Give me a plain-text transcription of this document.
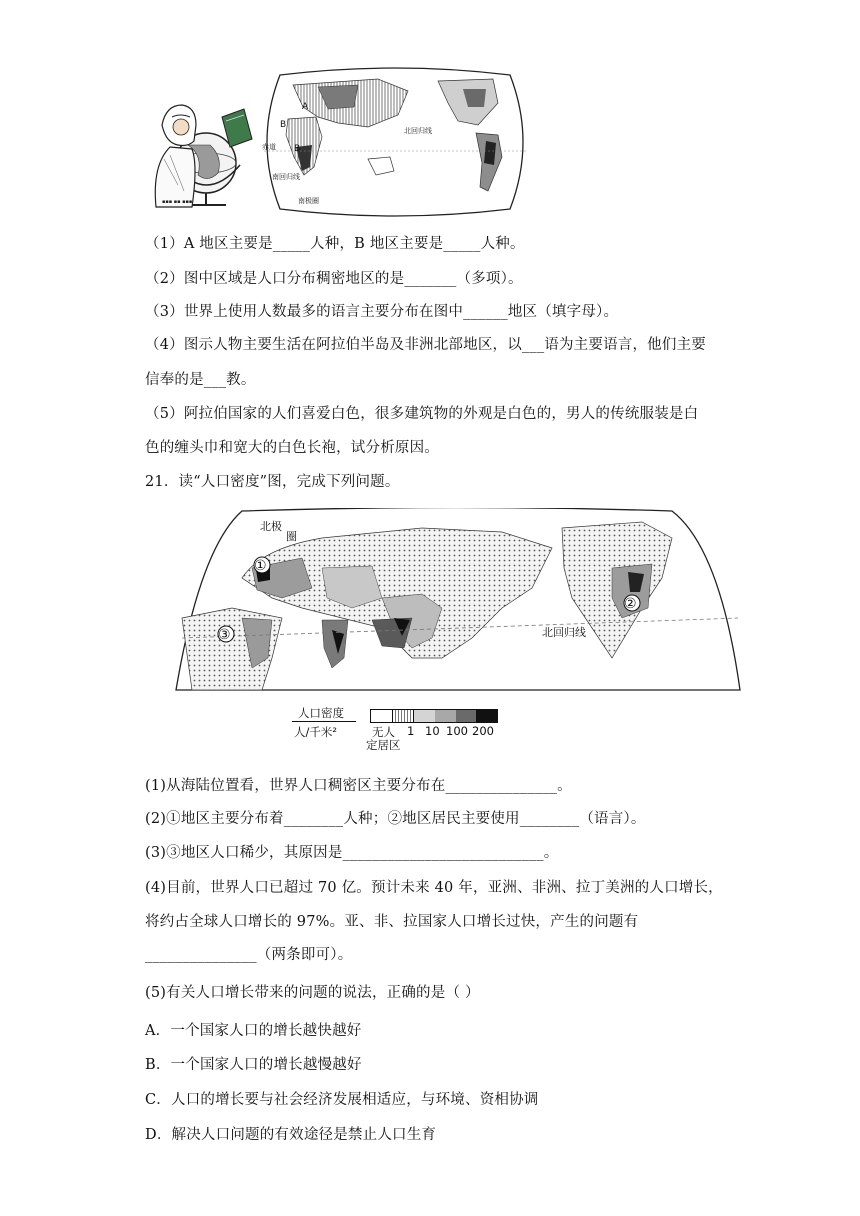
▪▪▪ ▪▪ ▪▪▪
南回归线
赤道
北回归线
南极圈
A
B
B
（1）A 地区主要是_____人种，B 地区主要是_____人种。
（2）图中区域是人口分布稠密地区的是_______（多项）。
（3）世界上使用人数最多的语言主要分布在图中______地区（填字母）。
（4）图示人物主要生活在阿拉伯半岛及非洲北部地区，以___语为主要语言，他们主要
信奉的是___教。
（5）阿拉伯国家的人们喜爱白色，很多建筑物的外观是白色的，男人的传统服装是白
色的缠头巾和宽大的白色长袍，试分析原因。
21．读“人口密度”图，完成下列问题。
北极
圈
北回归线
①
②
③
人口密度
人/千米²	无人
定居区
1 10 100 200
(1)从海陆位置看，世界人口稠密区主要分布在_______________。
(2)①地区主要分布着________人种；②地区居民主要使用________（语言）。
(3)③地区人口稀少，其原因是___________________________。
(4)目前，世界人口已超过 70 亿。预计未来 40 年，亚洲、非洲、拉丁美洲的人口增长，
将约占全球人口增长的 97%。亚、非、拉国家人口增长过快，产生的问题有
_______________（两条即可）。
(5)有关人口增长带来的问题的说法，正确的是（ ）
A．一个国家人口的增长越快越好
B．一个国家人口的增长越慢越好
C．人口的增长要与社会经济发展相适应，与环境、资相协调
D．解决人口问题的有效途径是禁止人口生育
